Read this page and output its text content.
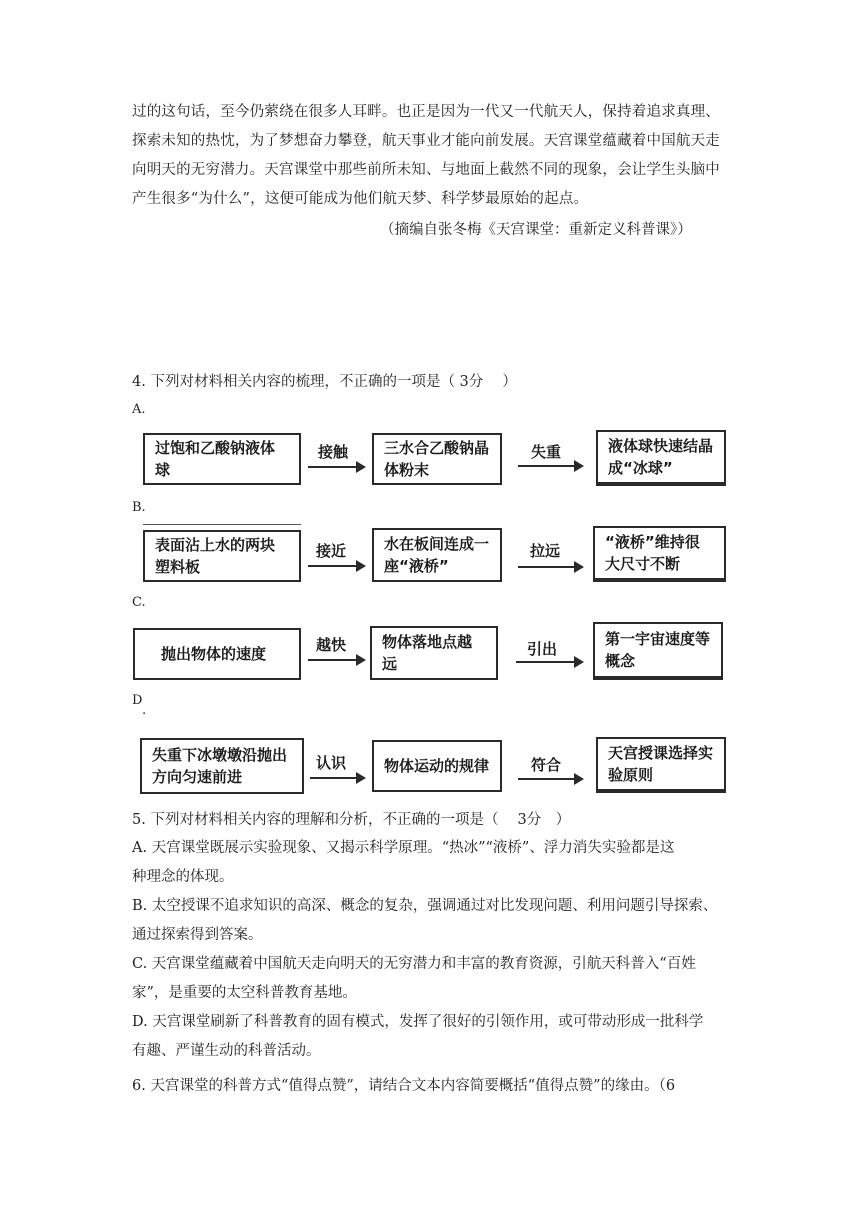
过的这句话，至今仍萦绕在很多人耳畔。也正是因为一代又一代航天人，保持着追求真理、
探索未知的热忱，为了梦想奋力攀登，航天事业才能向前发展。天宫课堂蕴藏着中国航天走
向明天的无穷潜力。天宫课堂中那些前所未知、与地面上截然不同的现象，会让学生头脑中
产生很多“为什么”，这便可能成为他们航天梦、科学梦最原始的起点。
（摘编自张冬梅《天宫课堂：重新定义科普课》）
4. 下列对材料相关内容的梳理，不正确的一项是（ 3分　 ）
A.
过饱和乙酸钠液体球
接触 三水合乙酸钠晶体粉末
失重	液体球快速结晶成“冰球”
B.
表面沾上水的两块塑料板
接近	水在板间连成一座“液桥”
拉远	“液桥”维持很大尺寸不断
C.
抛出物体的速度	越快 物体落地点越远
引出
第一宇宙速度等概念
D
.
失重下冰墩墩沿抛出方向匀速前进
认识	物体运动的规律	符合
天宫授课选择实验原则
5. 下列对材料相关内容的理解和分析，不正确的一项是（　 3分　）
A. 天宫课堂既展示实验现象、又揭示科学原理。“热冰”“液桥”、浮力消失实验都是这
种理念的体现。
B. 太空授课不追求知识的高深、概念的复杂，强调通过对比发现问题、利用问题引导探索、
通过探索得到答案。
C. 天宫课堂蕴藏着中国航天走向明天的无穷潜力和丰富的教育资源，引航天科普入“百姓
家”，是重要的太空科普教育基地。
D. 天宫课堂刷新了科普教育的固有模式，发挥了很好的引领作用，或可带动形成一批科学
有趣、严谨生动的科普活动。
6. 天宫课堂的科普方式“值得点赞”，请结合文本内容简要概括“值得点赞”的缘由。（6
